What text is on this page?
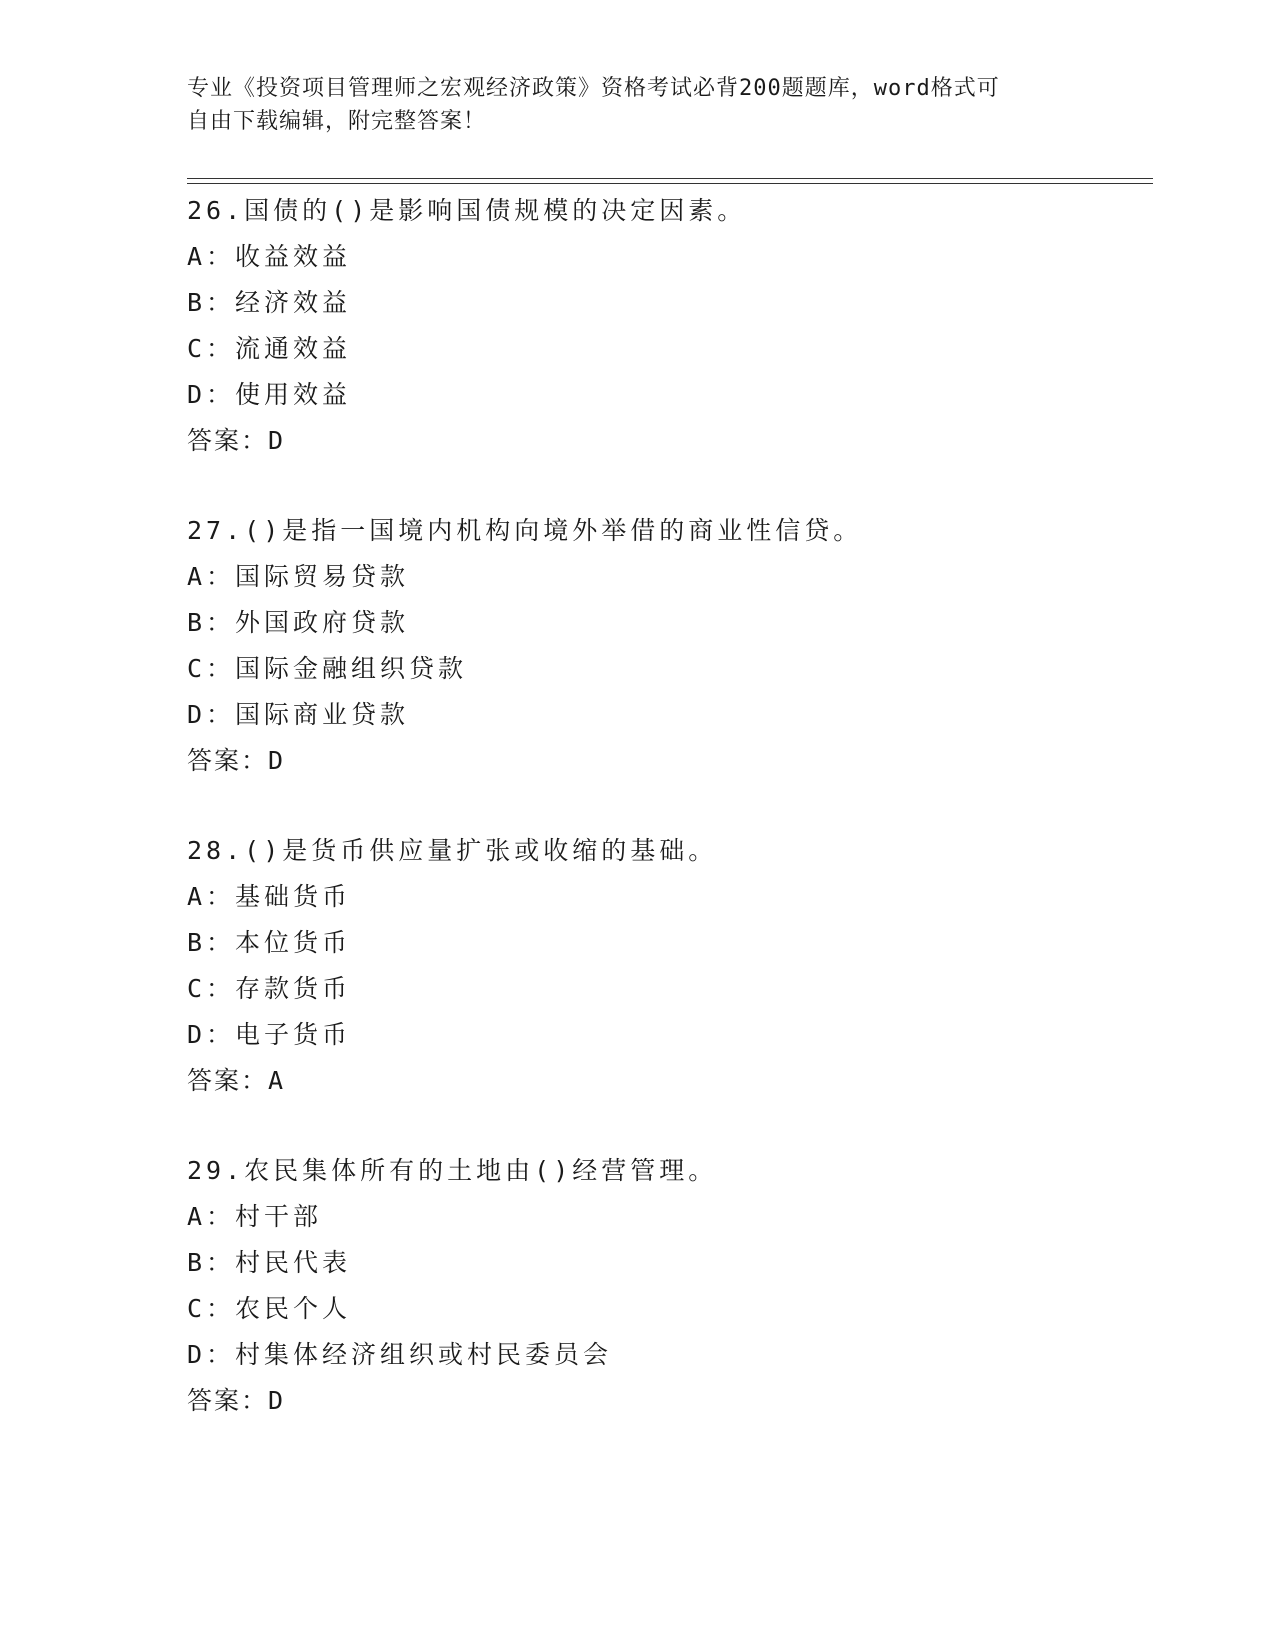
专业《投资项目管理师之宏观经济政策》资格考试必背200题题库，word格式可
自由下载编辑，附完整答案！
26.国债的()是影响国债规模的决定因素。
A：收益效益
B：经济效益
C：流通效益
D：使用效益
答案：D
27.()是指一国境内机构向境外举借的商业性信贷。
A：国际贸易贷款
B：外国政府贷款
C：国际金融组织贷款
D：国际商业贷款
答案：D
28.()是货币供应量扩张或收缩的基础。
A：基础货币
B：本位货币
C：存款货币
D：电子货币
答案：A
29.农民集体所有的土地由()经营管理。
A：村干部
B：村民代表
C：农民个人
D：村集体经济组织或村民委员会
答案：D
